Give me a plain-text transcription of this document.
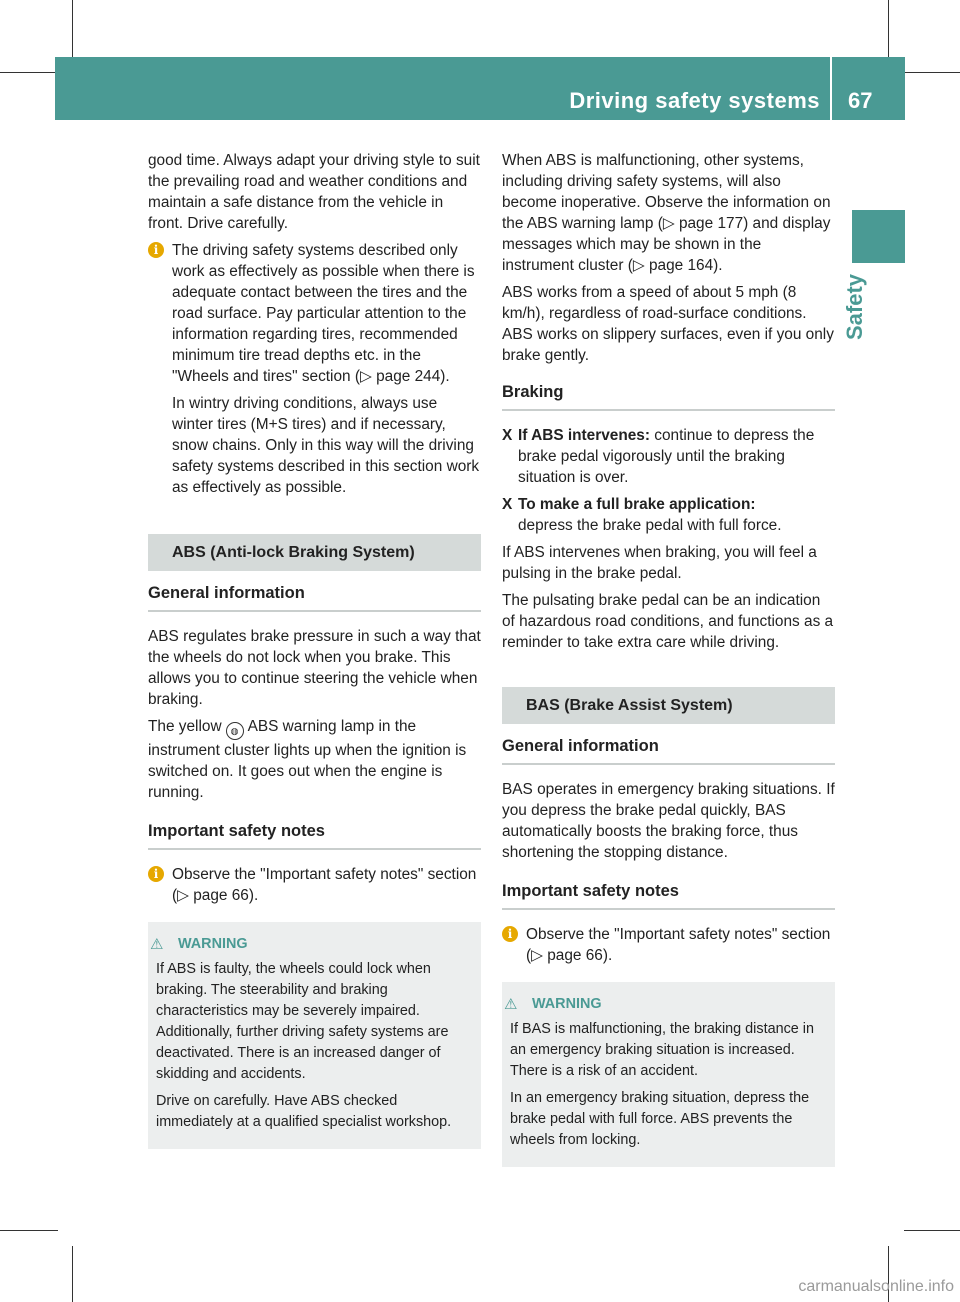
Driving safety systems 67
Safety

good time. Always adapt your driving style to suit the prevailing road and weather conditions and maintain a safe distance from the vehicle in front. Drive carefully.

i The driving safety systems described only work as effectively as possible when there is adequate contact between the tires and the road surface. Pay particular attention to the information regarding tires, recommended minimum tire tread depths etc. in the "Wheels and tires" section (▷ page 244).

In wintry driving conditions, always use winter tires (M+S tires) and if necessary, snow chains. Only in this way will the driving safety systems described in this section work as effectively as possible.

ABS (Anti-lock Braking System)
General information

ABS regulates brake pressure in such a way that the wheels do not lock when you brake. This allows you to continue steering the vehicle when braking.

The yellow ◍ ABS warning lamp in the instrument cluster lights up when the ignition is switched on. It goes out when the engine is running.

Important safety notes
i Observe the "Important safety notes" section (▷ page 66).

⚠ WARNING

If ABS is faulty, the wheels could lock when braking. The steerability and braking characteristics may be severely impaired. Additionally, further driving safety systems are deactivated. There is an increased danger of skidding and accidents.

Drive on carefully. Have ABS checked immediately at a qualified specialist workshop.

When ABS is malfunctioning, other systems, including driving safety systems, will also become inoperative. Observe the information on the ABS warning lamp (▷ page 177) and display messages which may be shown in the instrument cluster (▷ page 164).

ABS works from a speed of about 5 mph (8 km/h), regardless of road-surface conditions. ABS works on slippery surfaces, even if you only brake gently.

Braking
X If ABS intervenes: continue to depress the brake pedal vigorously until the braking situation is over.
X To make a full brake application:
depress the brake pedal with full force.

If ABS intervenes when braking, you will feel a pulsing in the brake pedal.

The pulsating brake pedal can be an indication of hazardous road conditions, and functions as a reminder to take extra care while driving.

BAS (Brake Assist System)
General information

BAS operates in emergency braking situations. If you depress the brake pedal quickly, BAS automatically boosts the braking force, thus shortening the stopping distance.

Important safety notes
i Observe the "Important safety notes" section (▷ page 66).

⚠ WARNING

If BAS is malfunctioning, the braking distance in an emergency braking situation is increased. There is a risk of an accident.

In an emergency braking situation, depress the brake pedal with full force. ABS prevents the wheels from locking.

carmanualsonline.info
